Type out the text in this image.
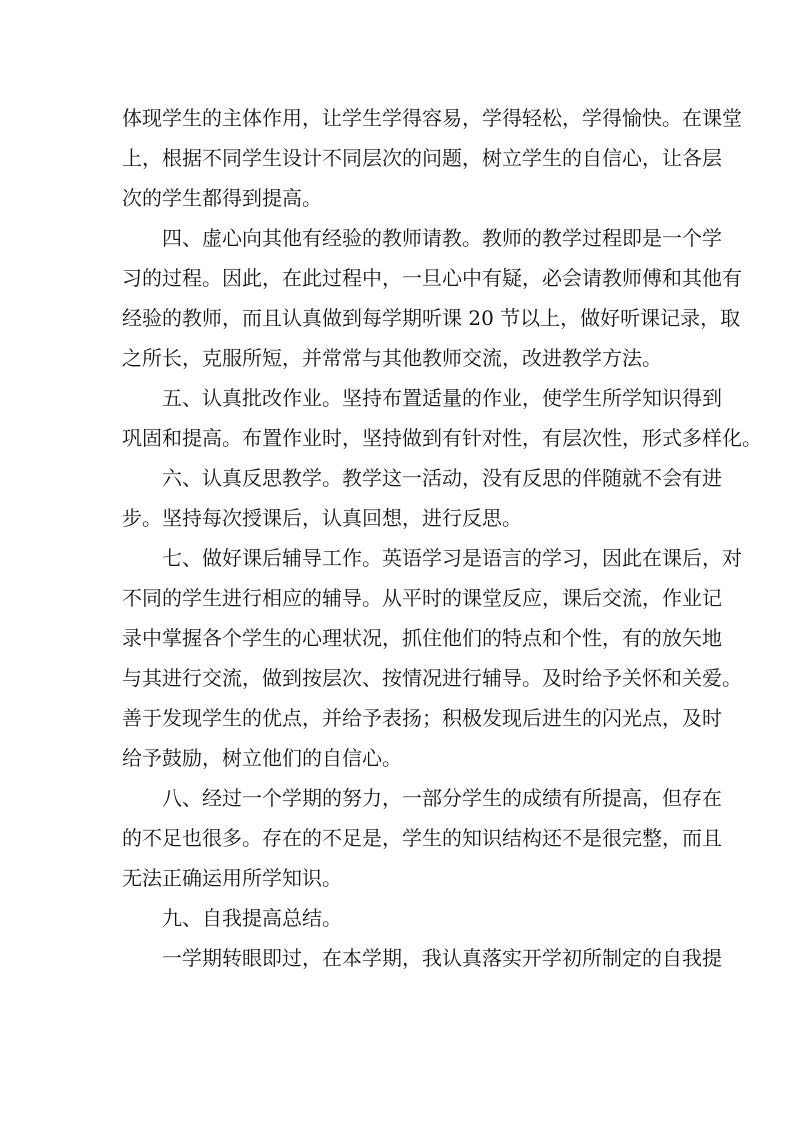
体现学生的主体作用，让学生学得容易，学得轻松，学得愉快。在课堂
上，根据不同学生设计不同层次的问题，树立学生的自信心，让各层
次的学生都得到提高。
四、虚心向其他有经验的教师请教。教师的教学过程即是一个学
习的过程。因此，在此过程中，一旦心中有疑，必会请教师傅和其他有
经验的教师，而且认真做到每学期听课 20 节以上，做好听课记录，取
之所长，克服所短，并常常与其他教师交流，改进教学方法。
五、认真批改作业。坚持布置适量的作业，使学生所学知识得到
巩固和提高。布置作业时，坚持做到有针对性，有层次性，形式多样化。
六、认真反思教学。教学这一活动，没有反思的伴随就不会有进
步。坚持每次授课后，认真回想，进行反思。
七、做好课后辅导工作。英语学习是语言的学习，因此在课后，对
不同的学生进行相应的辅导。从平时的课堂反应，课后交流，作业记
录中掌握各个学生的心理状况，抓住他们的特点和个性，有的放矢地
与其进行交流，做到按层次、按情况进行辅导。及时给予关怀和关爱。
善于发现学生的优点，并给予表扬；积极发现后进生的闪光点，及时
给予鼓励，树立他们的自信心。
八、经过一个学期的努力，一部分学生的成绩有所提高，但存在
的不足也很多。存在的不足是，学生的知识结构还不是很完整，而且
无法正确运用所学知识。
九、自我提高总结。
一学期转眼即过，在本学期，我认真落实开学初所制定的自我提
